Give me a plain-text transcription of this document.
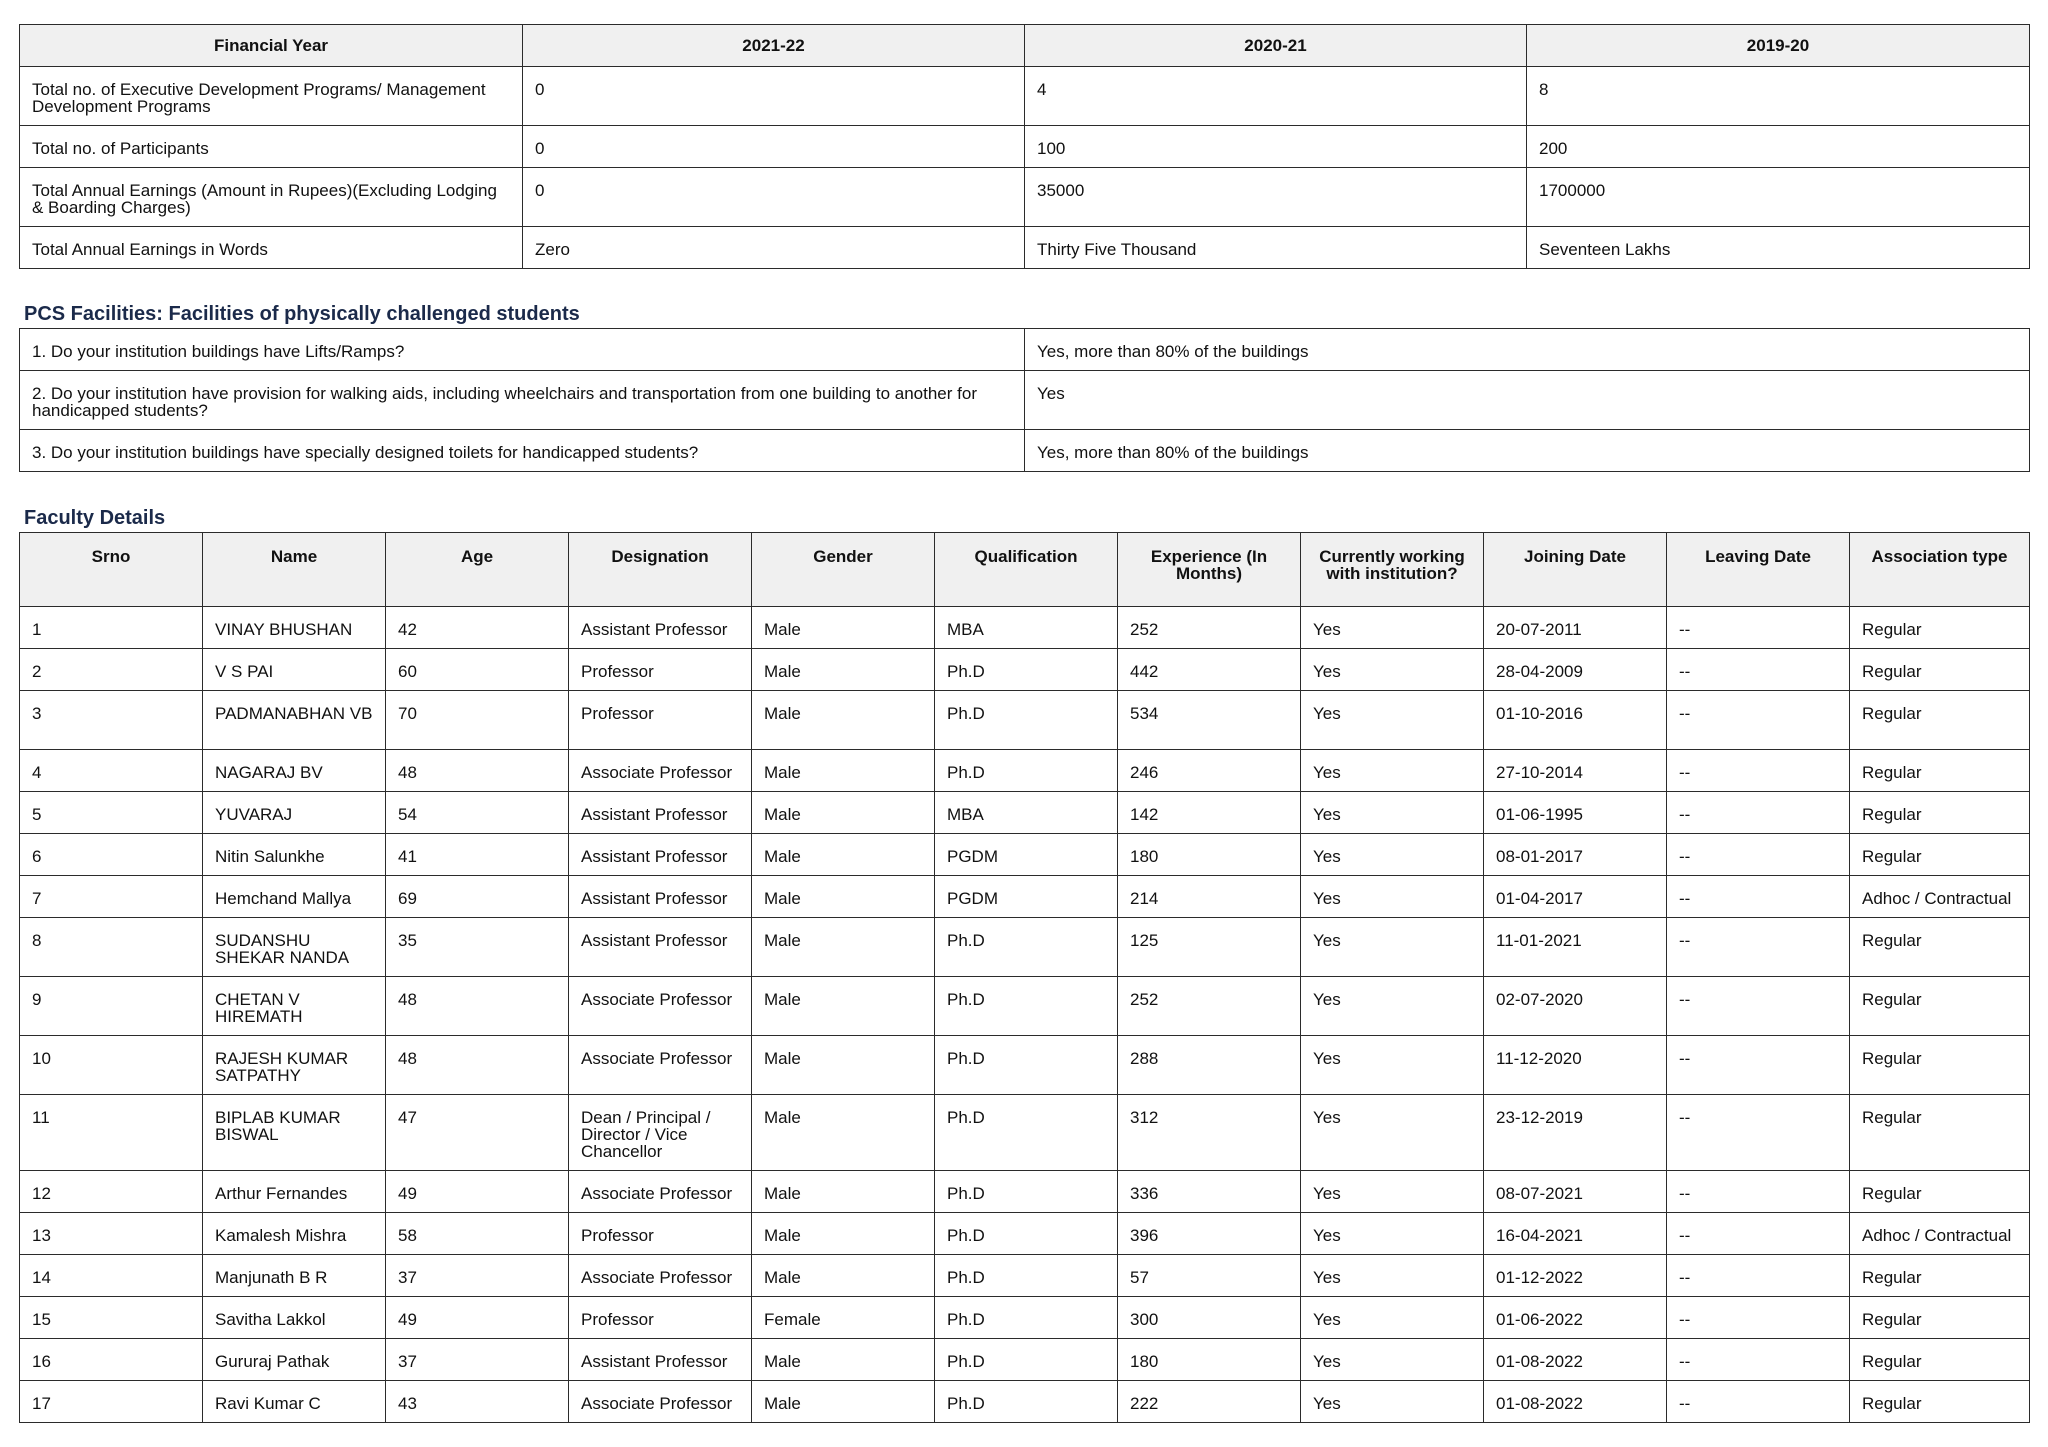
Financial Year	2021-22	2020-21	2019-20
Total no. of Executive Development Programs/ Management Development Programs	0	4	8
Total no. of Participants	0	100	200
Total Annual Earnings (Amount in Rupees)(Excluding Lodging & Boarding Charges)	0	35000	1700000
Total Annual Earnings in Words	Zero	Thirty Five Thousand	Seventeen Lakhs
PCS Facilities: Facilities of physically challenged students
1. Do your institution buildings have Lifts/Ramps?	Yes, more than 80% of the buildings
2. Do your institution have provision for walking aids, including wheelchairs and transportation from one building to another for handicapped students?	Yes
3. Do your institution buildings have specially designed toilets for handicapped students?	Yes, more than 80% of the buildings
Faculty Details
Srno	Name	Age	Designation	Gender	Qualification	Experience (In Months)	Currently working with institution?	Joining Date	Leaving Date	Association type
1	VINAY BHUSHAN	42	Assistant Professor	Male	MBA	252	Yes	20-07-2011	--	Regular
2	V S PAI	60	Professor	Male	Ph.D	442	Yes	28-04-2009	--	Regular
3	PADMANABHAN VB	70	Professor	Male	Ph.D	534	Yes	01-10-2016	--	Regular
4	NAGARAJ BV	48	Associate Professor	Male	Ph.D	246	Yes	27-10-2014	--	Regular
5	YUVARAJ	54	Assistant Professor	Male	MBA	142	Yes	01-06-1995	--	Regular
6	Nitin Salunkhe	41	Assistant Professor	Male	PGDM	180	Yes	08-01-2017	--	Regular
7	Hemchand Mallya	69	Assistant Professor	Male	PGDM	214	Yes	01-04-2017	--	Adhoc / Contractual
8	SUDANSHU SHEKAR NANDA	35	Assistant Professor	Male	Ph.D	125	Yes	11-01-2021	--	Regular
9	CHETAN V HIREMATH	48	Associate Professor	Male	Ph.D	252	Yes	02-07-2020	--	Regular
10	RAJESH KUMAR SATPATHY	48	Associate Professor	Male	Ph.D	288	Yes	11-12-2020	--	Regular
11	BIPLAB KUMAR BISWAL	47	Dean / Principal / Director / Vice Chancellor	Male	Ph.D	312	Yes	23-12-2019	--	Regular
12	Arthur Fernandes	49	Associate Professor	Male	Ph.D	336	Yes	08-07-2021	--	Regular
13	Kamalesh Mishra	58	Professor	Male	Ph.D	396	Yes	16-04-2021	--	Adhoc / Contractual
14	Manjunath B R	37	Associate Professor	Male	Ph.D	57	Yes	01-12-2022	--	Regular
15	Savitha Lakkol	49	Professor	Female	Ph.D	300	Yes	01-06-2022	--	Regular
16	Gururaj Pathak	37	Assistant Professor	Male	Ph.D	180	Yes	01-08-2022	--	Regular
17	Ravi Kumar C	43	Associate Professor	Male	Ph.D	222	Yes	01-08-2022	--	Regular
